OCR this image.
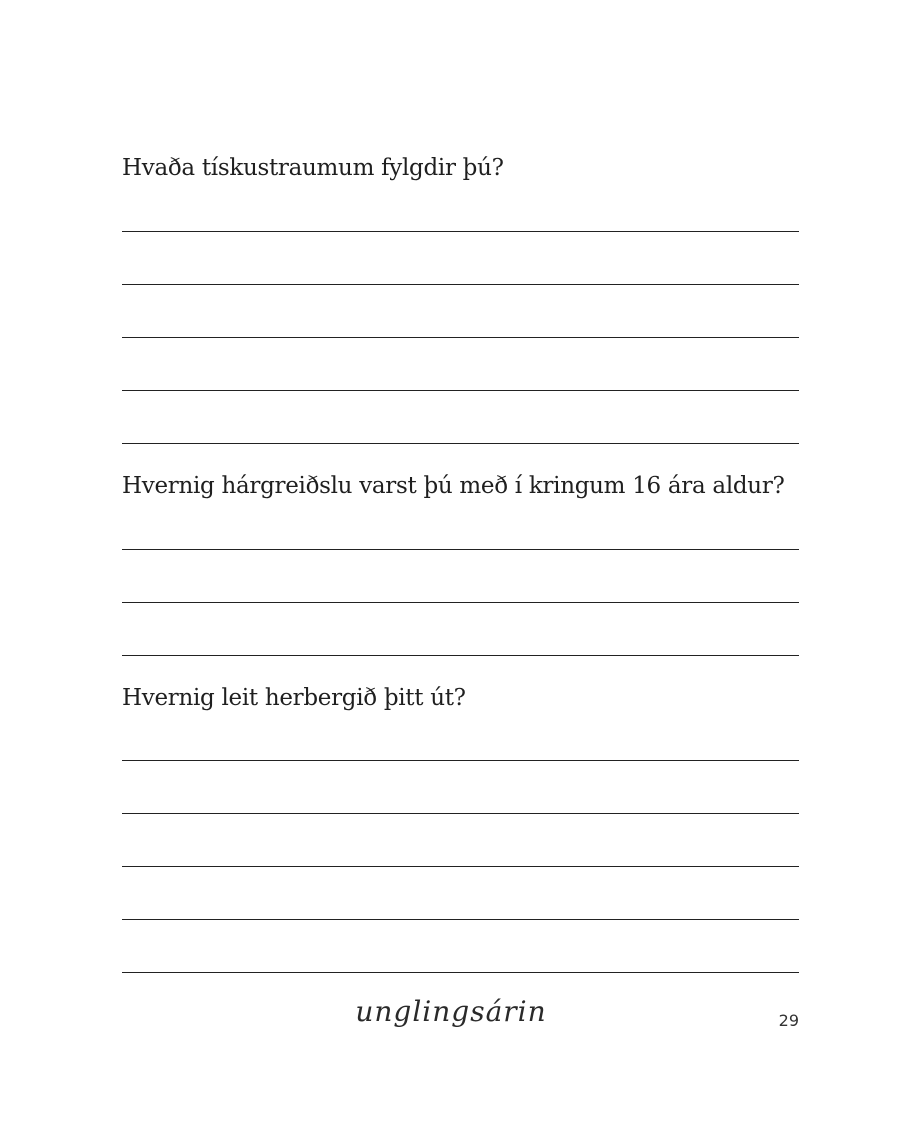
Hvaða tískustraumum fylgdir þú?
Hvernig hárgreiðslu varst þú með í kringum 16 ára aldur?
Hvernig leit herbergið þitt út?
unglingsárin	29
